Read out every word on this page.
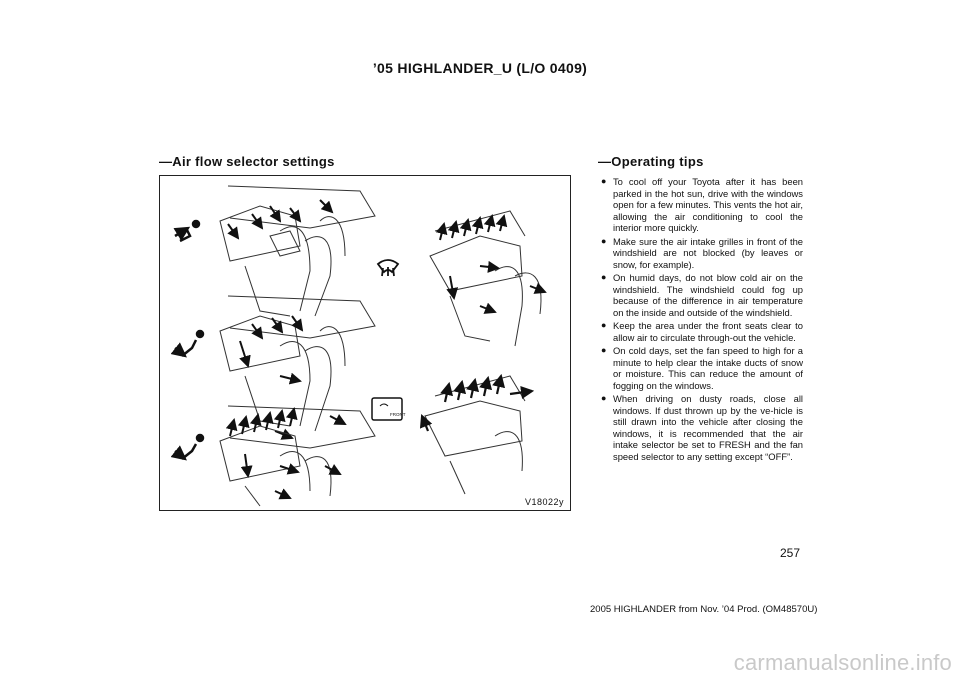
’05 HIGHLANDER_U (L/O 0409)
—Air flow selector settings	—Operating tips
FRONT
V18022y
● To cool off your Toyota after it has been parked in the hot sun, drive with the windows open for a few minutes. This vents the hot air, allowing the air conditioning to cool the interior more quickly.
● Make sure the air intake grilles in front of the windshield are not blocked (by leaves or snow, for example).
● On humid days, do not blow cold air on the windshield. The windshield could fog up because of the difference in air temperature on the inside and outside of the windshield.
● Keep the area under the front seats clear to allow air to circulate through-out the vehicle.
● On cold days, set the fan speed to high for a minute to help clear the intake ducts of snow or moisture. This can reduce the amount of fogging on the windows.
● When driving on dusty roads, close all windows. If dust thrown up by the ve-hicle is still drawn into the vehicle after closing the windows, it is recommended that the air intake selector be set to FRESH and the fan speed selector to any setting except “OFF”.
257
2005 HIGHLANDER from Nov. ’04 Prod. (OM48570U)
carmanualsonline.info
